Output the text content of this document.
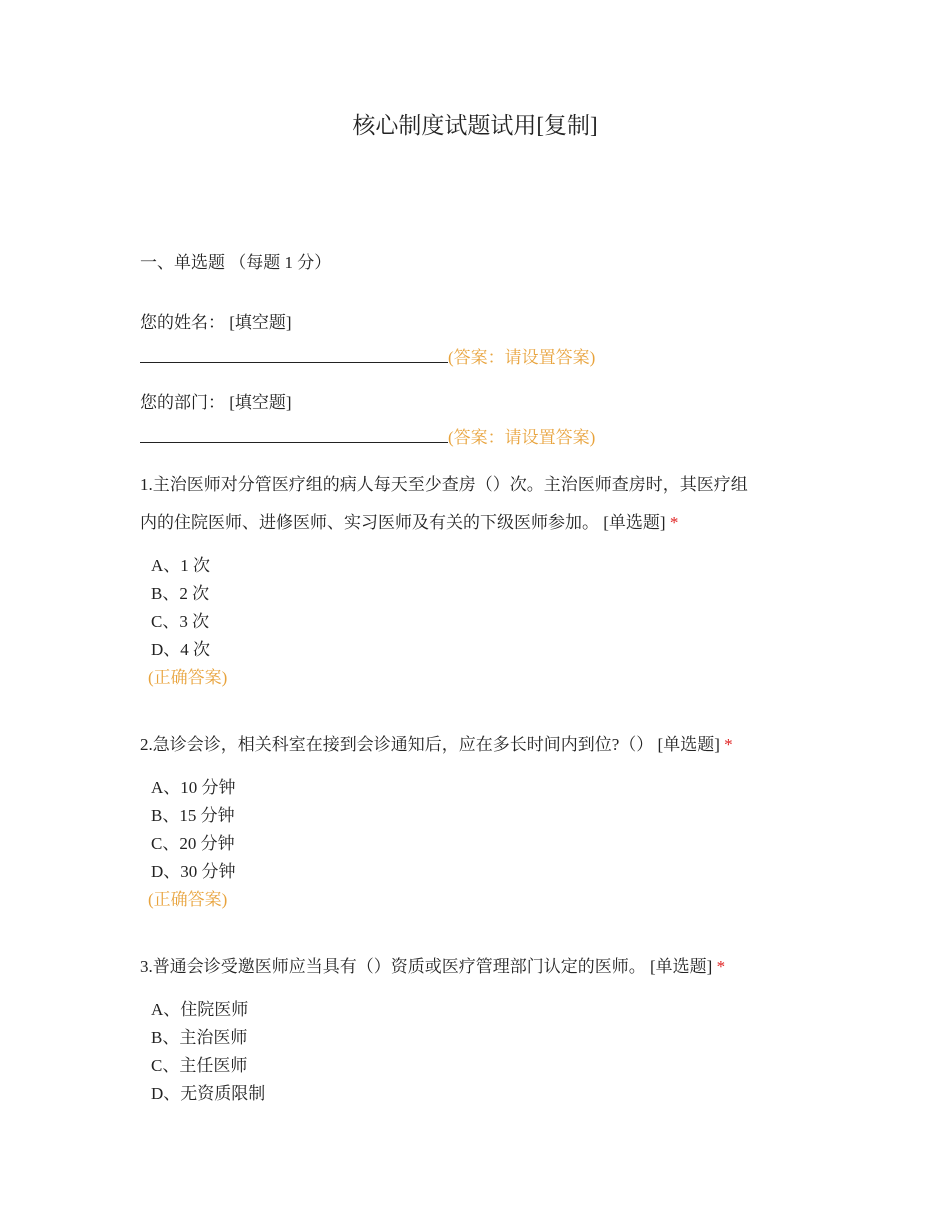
核心制度试题试用[复制]
一、单选题 （每题 1 分）
您的姓名： [填空题]
(答案：请设置答案)
您的部门： [填空题]
(答案：请设置答案)
1.主治医师对分管医疗组的病人每天至少查房（）次。主治医师查房时，其医疗组
内的住院医师、进修医师、实习医师及有关的下级医师参加。 [单选题] *
A、1 次
B、2 次
C、3 次
D、4 次
(正确答案)
2.急诊会诊，相关科室在接到会诊通知后，应在多长时间内到位?（） [单选题] *
A、10 分钟
B、15 分钟
C、20 分钟
D、30 分钟
(正确答案)
3.普通会诊受邀医师应当具有（）资质或医疗管理部门认定的医师。 [单选题] *
A、住院医师
B、主治医师
C、主任医师
D、无资质限制
